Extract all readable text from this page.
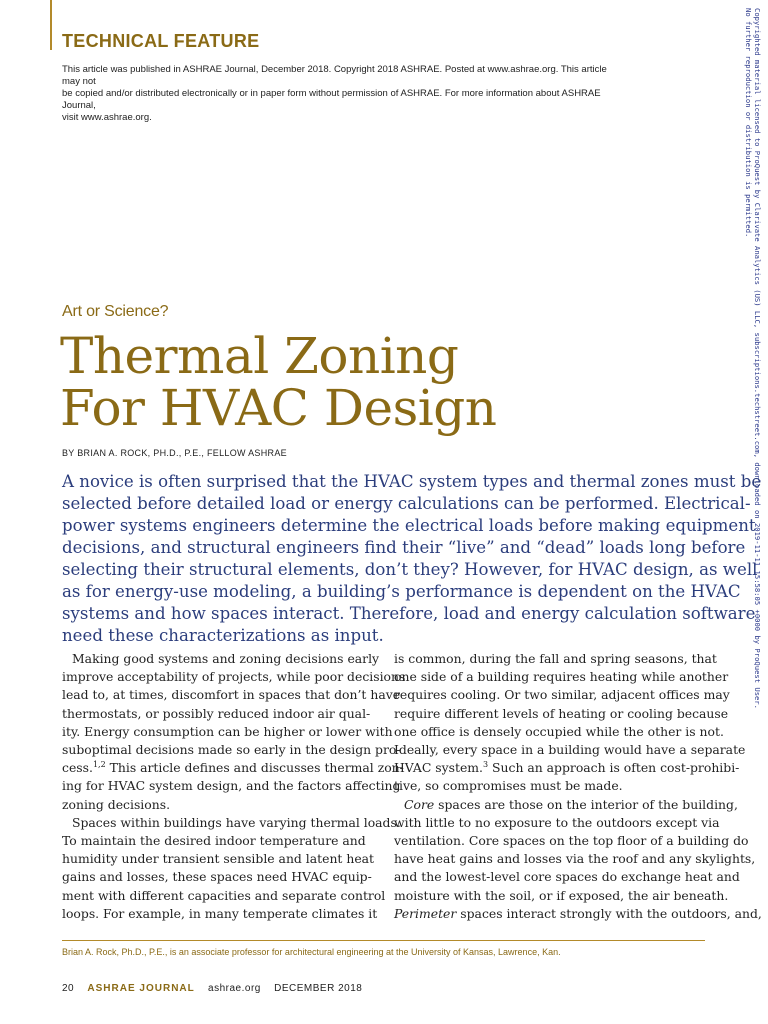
TECHNICAL FEATURE

This article was published in ASHRAE Journal, December 2018. Copyright 2018 ASHRAE. Posted at www.ashrae.org. This article may not

be copied and/or distributed electronically or in paper form without permission of ASHRAE. For more information about ASHRAE Journal,

visit www.ashrae.org.	Copyrighted material licensed to ProQuest by Clarivate Analytics (US) LLC, subscriptions.techstreet.com, downloaded on 2019-11-11 15:58:05 +0000 by ProQuest User.

No further reproduction or distribution is permitted.

Art or Science?
Thermal Zoning
For HVAC Design
BY BRIAN A. ROCK, PH.D., P.E., FELLOW ASHRAE
A novice is often surprised that the HVAC system types and thermal zones must be
selected before detailed load or energy calculations can be performed. Electrical-
power systems engineers determine the electrical loads before making equipment
decisions, and structural engineers find their “live” and “dead” loads long before
selecting their structural elements, don’t they? However, for HVAC design, as well
as for energy-use modeling, a building’s performance is dependent on the HVAC
systems and how spaces interact. Therefore, load and energy calculation software
need these characterizations as input.
Making good systems and zoning decisions early
improve acceptability of projects, while poor decisions
lead to, at times, discomfort in spaces that don’t have
thermostats, or possibly reduced indoor air qual-
ity. Energy consumption can be higher or lower with
suboptimal decisions made so early in the design pro-
cess.$^{1,2}$ This article defines and discusses thermal zon-
ing for HVAC system design, and the factors affecting
zoning decisions.
Spaces within buildings have varying thermal loads.
To maintain the desired indoor temperature and
humidity under transient sensible and latent heat
gains and losses, these spaces need HVAC equip-
ment with different capacities and separate control
loops. For example, in many temperate climates it
is common, during the fall and spring seasons, that
one side of a building requires heating while another
requires cooling. Or two similar, adjacent offices may
require different levels of heating or cooling because
one office is densely occupied while the other is not.
Ideally, every space in a building would have a separate
HVAC system.$^3$ Such an approach is often cost-prohibi-
tive, so compromises must be made.
Core spaces are those on the interior of the building,
with little to no exposure to the outdoors except via
ventilation. Core spaces on the top floor of a building do
have heat gains and losses via the roof and any skylights,
and the lowest-level core spaces do exchange heat and
moisture with the soil, or if exposed, the air beneath.
Perimeter spaces interact strongly with the outdoors, and,
Brian A. Rock, Ph.D., P.E., is an associate professor for architectural engineering at the University of Kansas, Lawrence, Kan.
20 ASHRAE JOURNAL ashrae.org DECEMBER 2018
